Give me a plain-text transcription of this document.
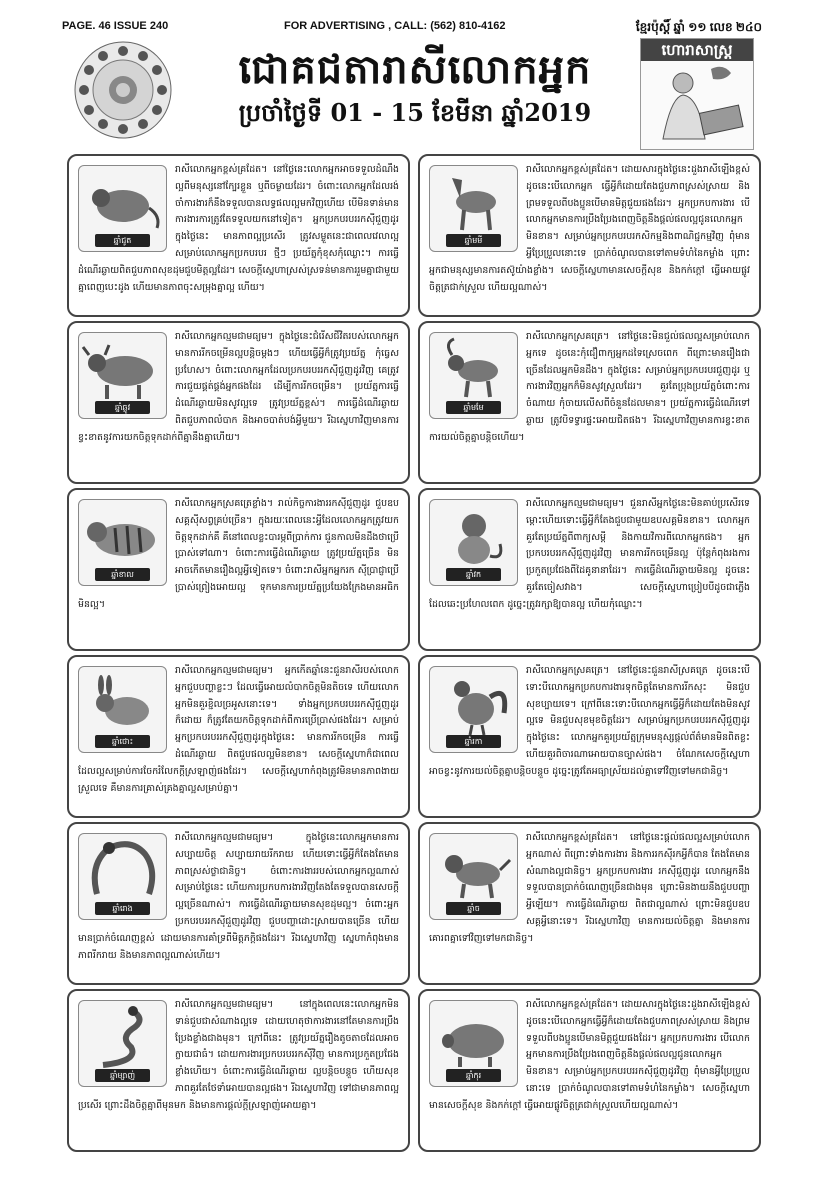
PAGE. 46 ISSUE 240	FOR ADVERTISING , CALL: (562) 810-4162	ខ្មែរប៉ុស្តិ៍ ឆ្នាំ ១១ លេខ ២៤០
ជោគជតារាសីលោកអ្នក
ប្រចាំថ្ងៃទី 01 - 15 ខែមីនា ឆ្នាំ2019
ហោរាសាស្ត្រ
ឆ្នាំជូត
រាសីលោកអ្នកខ្ពស់គ្រដែត។ នៅថ្ងៃនេះលោកអ្នកអាចទទួលដំណឹងល្អពីមនុស្សនៅក្បែរខ្លួន ឬពីចម្ងាយដែរ។ ចំពោះលោកអ្នកដែលរង់ចាំការងារក៏នឹងទទួលបានលទ្ធផលល្អមកវិញហើយ បើមិនទាន់មានការងារការត្រូវតែទទួលយកនៅទៀត។ អ្នកប្រកបរបររកស៊ីជួញដូរក្នុងថ្ងៃនេះ មានភាពល្អប្រសើរ ត្រូវសម្ងួតនេះជាពេលវេលាល្អសម្រាប់លោកអ្នកប្រកបរបរ ថ្មីៗ ប្រយ័ត្នកុំខុសកុំឈ្លោះ។ ការធ្វើដំណើរឆ្ងាយពិតជួបភាពសុខដុមជួបមិត្តល្អដែរ។ សេចក្តីស្នេហាស្រស់ស្រទន់មានការរួមគ្នាជាមួយគ្នាពេញបេះដូង ហើយមានភាពចុះសម្រុងគ្នាល្អ ហើយ។
ឆ្នាំឆ្លូវ
រាសីលោកអ្នកល្មមជាមធ្យម។ ក្នុងថ្ងៃនេះជំរើសជីវិតរបស់លោកអ្នកមានការរីកចម្រើនល្អបន្តិចម្តងៗ ហើយធ្វើអ្វីក៏ត្រូវប្រយ័ត្ន កុំធ្វេសប្រហែស។ ចំពោះលោកអ្នកដែលប្រកបរបររកស៊ីជួញដូរវិញ គេត្រូវការជួយផ្គត់ផ្គង់អ្នកផងដែរ ដើម្បីការរីកចម្រើន។ ប្រយ័ត្នការធ្វើដំណើរឆ្ងាយមិនសូវល្អទេ ត្រូវប្រយ័ត្នខ្ពស់។ ការធ្វើដំណើរឆ្ងាយពិតជួបភាពលំបាក និងអាចបាត់បង់អ្វីមួយ។ រីឯស្នេហាវិញមានការខ្វះខាតនូវការយកចិត្តទុកដាក់ពីគ្នានឹងគ្នាហើយ។
ឆ្នាំខាល
រាសីលោកអ្នកស្រគត្រេខ្លាំង។ រាល់កិច្ចការងាររកស៊ីជួញដូរ ជួបឧបសគ្គសុីសព្វគ្រប់ច្រើន។ ក្នុងរយៈពេលនេះអ្វីដែលលោកអ្នកត្រូវយកចិត្តទុកដាក់គឺ គឺនៅពេលខ្លះបារម្ភពីប្រាក់ការ ជួនកាលមិនដឹងថាប្រើប្រាស់ទៅណា។ ចំពោះការធ្វើដំណើរឆ្ងាយ ត្រូវប្រយ័ត្នច្រើន មិនអាចកើតមានរឿងល្អអ្វីទៀតទេ។ ចំពោះរាសីអ្នកអ្នករក ស៊ីប្រាជ្ញាប្រើ ប្រាស់ព្រៀងអោយល្អ ទុកមានការប្រយ័ត្នប្រយែងក្រែងមានអធិកមិនល្អ។
ឆ្នាំថោះ
រាសីលោកអ្នកល្មមជាមធ្យម។ អ្នកកើតឆ្នាំនេះជួនរាសីរបស់លោកអ្នកជួបបញ្ហាខ្លះៗ ដែលធ្វើអោយលំបាកចិត្តមិនតិចទេ ហើយលោកអ្នកមិនគួរខ្ជិលច្រអូសនោះទេ។ ទាំងអ្នកប្រកបរបររកស៊ីជួញដូរក៏ដោយ ក៏ត្រូវតែយកចិត្តទុកដាក់ពីការប្រើប្រាស់ផងដែរ។ សម្រាប់អ្នកប្រកបរបររកស៊ីជួញដូរក្នុងថ្ងៃនេះ មានការរីកចម្រើន ការធ្វើដំណើរឆ្ងាយ ពិតជួបផលល្អមិនខាន។ សេចក្តីស្នេហាក៏ជាពេលដែលល្អសម្រាប់ការចែករំលែកក្តីស្រឡាញ់ផងដែរ។ សេចក្តីស្នេហាកំពុងត្រូវមិនមានភាពងាយស្រួលទេ គឺមានការគ្រាស់គ្រងគ្នាល្អសម្រាប់គ្នា។
ឆ្នាំរោង
រាសីលោកអ្នកល្មមជាមធ្យម។ ក្នុងថ្ងៃនេះលោកអ្នកមានការសប្បាយចិត្ត សប្បាយរាយរីករាយ ហើយទោះធ្វើអ្វីក៏តែងតែមានភាពស្រស់ថ្លាជានិច្ច។ ចំពោះការងាររបស់លោកអ្នកល្អណាស់សម្រាប់ថ្ងៃនេះ ហើយការប្រកបការងារវិញតែងតែទទួលបានសេចក្តីល្អច្រើនណាស់។ ការធ្វើដំណើរឆ្ងាយមានសុខដុមល្អ។ ចំពោះអ្នកប្រកបរបររកស៊ីជួញដូរវិញ ជួបបញ្ហាដោះស្រាយបានច្រើន ហើយមានប្រាក់ចំណេញខ្ពស់ ដោយមានការគាំទ្រពីមិត្តភក្តិផងដែរ។ រីឯស្នេហាវិញ ស្នេហាកំពុងមានភាពរីករាយ និងមានភាពល្អណាស់ហើយ។
ឆ្នាំម្សាញ់
រាសីលោកអ្នកល្មមជាមធ្យម។ នៅក្នុងពេលនេះលោកអ្នកមិនទាន់ជួបជាសំណាងល្អទេ ដោយហេតុថាការងារនៅតែមានការប្រឹងប្រែងខ្លាំងជាងមុន។ ក្រៅពីនេះ ត្រូវប្រយ័ត្នរឿងតូចតាចដែលអាចក្លាយជាធំ។ ដោយការងារប្រកបរបររកស៊ីវិញ មានការប្រកួតប្រជែងខ្លាំងហើយ។ ចំពោះការធ្វើដំណើរឆ្ងាយ ល្អបន្តិចបន្តួច ហើយសុខភាពគួរតែថែទាំអោយបានល្អផង។ រីឯស្នេហាវិញ ទៅជាមានភាពល្អប្រសើរ ព្រោះដឹងចិត្តគ្នាពីមុនមក និងមានការផ្តល់ក្តីស្រឡាញ់អោយគ្នា។
ឆ្នាំមមី
រាសីលោកអ្នកខ្ពស់គ្រដែត។ ដោយសារក្នុងថ្ងៃនេះដួងរាសីឡើងខ្ពស់ដូចនេះបើលោកអ្នក ធ្វើអ្វីក៏ដោយតែងជួបភាពស្រស់ស្រាយ និងព្រមទទួលពីបងប្អូនបើមានមិត្តជួយផងដែរ។ អ្នកប្រកបការងារ បើលោកអ្នកមានការប្រឹងប្រែងពេញចិត្តនឹងផ្តល់ផលល្អជូនលោកអ្នកមិនខាន។ សម្រាប់អ្នកប្រកបរបរកសិកម្មនិងពាណិជ្ជកម្មវិញ ពុំមានអ្វីប្រែប្រួលនោះទេ ប្រាក់ចំណូលបានទៅតាមទំហំនៃកម្លាំង ព្រោះអ្នកជាមនុស្សមានការតស៊ូយ៉ាងខ្លាំង។ សេចក្តីស្នេហាមានសេចក្តីសុខ និងកក់ក្តៅ ធ្វើអោយផ្លូវចិត្តត្រជាក់ស្រួល ហើយល្អណាស់។
ឆ្នាំមមែ
រាសីលោកអ្នកស្រគត្រេ។ នៅថ្ងៃនេះមិនជួល់ផលល្អសម្រាប់លោកអ្នកទេ ដូចនេះកុំជឿពាក្យអ្នកដទៃស្រេចពេក ពីព្រោះមានរឿងជាច្រើនដែលអ្នកមិនដឹង។ ក្នុងថ្ងៃនេះ សម្រាប់អ្នកប្រកបរបរជួញដូរ ឬការងារវិញអ្នកក៏មិនសូវស្រួលដែរ។ គួរតែប្រុងប្រយ័ត្នចំពោះការចំណាយ កុំចាយលើសពីចំនួនដែលមាន។ ប្រយ័ត្នការធ្វើដំណើរទៅឆ្ងាយ ត្រូវបិទទ្វារផ្ទះអោយជិតផង។ រីឯស្នេហាវិញមានការខ្វះខាតការយល់ចិត្តគ្នាបន្តិចហើយ។
ឆ្នាំវក
រាសីលោកអ្នកល្មមជាមធ្យម។ ជួនរាសីអ្នកថ្ងៃនេះមិនគាប់ប្រសើរទេ ម្តោះហើយទោះធ្វើអ្វីក៏តែងជួបជាមួយឧបសគ្គមិនខាន។ លោកអ្នកគួរតែប្រយ័ត្នពីពាក្យសម្តី និងកាយវិការពីលោកអ្នកផង។ អ្នកប្រកបរបររកស៊ីជួញដូរវិញ មានការរីកចម្រើនល្អ ប៉ុន្តែកំពុងរងការប្រកួតប្រជែងពីដៃគូនានាដែរ។ ការធ្វើដំណើរឆ្ងាយមិនល្អ ដូចនេះគួរតែចៀសវាង។ សេចក្តីស្នេហាប្រៀបបីដូចជាភ្លើងដែលឆេះប្រហែលពេក ដូច្នេះត្រូវរក្សាឱ្យបានល្អ ហើយកុំឈ្លោះ។
ឆ្នាំរកា
រាសីលោកអ្នកស្រគត្រេ។ នៅថ្ងៃនេះជួនរាសីស្រគត្រេ ដូចនេះបើទោះបីលោកអ្នកប្រកបការងារទុកចិត្តតែមានការរីកសុះ មិនជួបសុខប្បាយទេ។ ក្រៅពីនេះទោះបីលោកអ្នកធ្វើអ្វីក៏ដោយតែងមិនសូវល្អទេ មិនជួបសុខមុខចិត្តដែរ។ សម្រាប់អ្នកប្រកបរបររកស៊ីជួញដូរក្នុងថ្ងៃនេះ លោកអ្នកគួរប្រយ័ត្នក្រុមមនុស្សផ្តល់ព័ត៌មានមិនពិតខ្លះ ហើយគួរពិចារណាអោយបានច្បាស់ផង។ ចំណែកសេចក្តីស្នេហាអាចខ្វះនូវការយល់ចិត្តគ្នាបន្តិចបន្តួច ដូច្នេះត្រូវតែអធ្យាស្រ័យដល់គ្នាទៅវិញទៅមកជានិច្ច។
ឆ្នាំច
រាសីលោកអ្នកខ្ពស់គ្រដែត។ នៅថ្ងៃនេះផ្តល់ផលល្អសម្រាប់លោកអ្នកណាស់ ពីព្រោះទាំងការងារ និងការរកស៊ីរកអ្វីក៏បាន តែងតែមានសំណាងល្អជានិច្ច។ អ្នកប្រកបការងារ រកស៊ីជួញដូរ លោកអ្នកនឹងទទួលបានប្រាក់ចំណេញច្រើនជាងមុន ព្រោះមិនងាយនឹងជួបបញ្ហាអ្វីឡើយ។ ការធ្វើដំណើរឆ្ងាយ ពិតជាល្អណាស់ ព្រោះមិនជួបឧបសគ្គអ្វីនោះទេ។ រីឯស្នេហាវិញ មានការយល់ចិត្តគ្នា និងមានការគោរពគ្នាទៅវិញទៅមកជានិច្ច។
ឆ្នាំកុរ
រាសីលោកអ្នកខ្ពស់គ្រដែត។ ដោយសារក្នុងថ្ងៃនេះដួងរាសីឡើងខ្ពស់ ដូចនេះបើលោកអ្នកធ្វើអ្វីក៏ដោយតែងជួបភាពស្រស់ស្រាយ និងព្រមទទួលពីបងប្អូនបើមានមិត្តជួយផងដែរ។ អ្នកប្រកបការងារ បើលោកអ្នកមានការប្រឹងប្រែងពេញចិត្តនឹងផ្តល់ផលល្អជូនលោកអ្នកមិនខាន។ សម្រាប់អ្នកប្រកបរបររកស៊ីជួញដូរវិញ ពុំមានអ្វីប្រែប្រួលនោះទេ ប្រាក់ចំណូលបានទៅតាមទំហំនៃកម្លាំង។ សេចក្តីស្នេហាមានសេចក្តីសុខ និងកក់ក្តៅ ធ្វើអោយផ្លូវចិត្តត្រជាក់ស្រួលហើយល្អណាស់។
